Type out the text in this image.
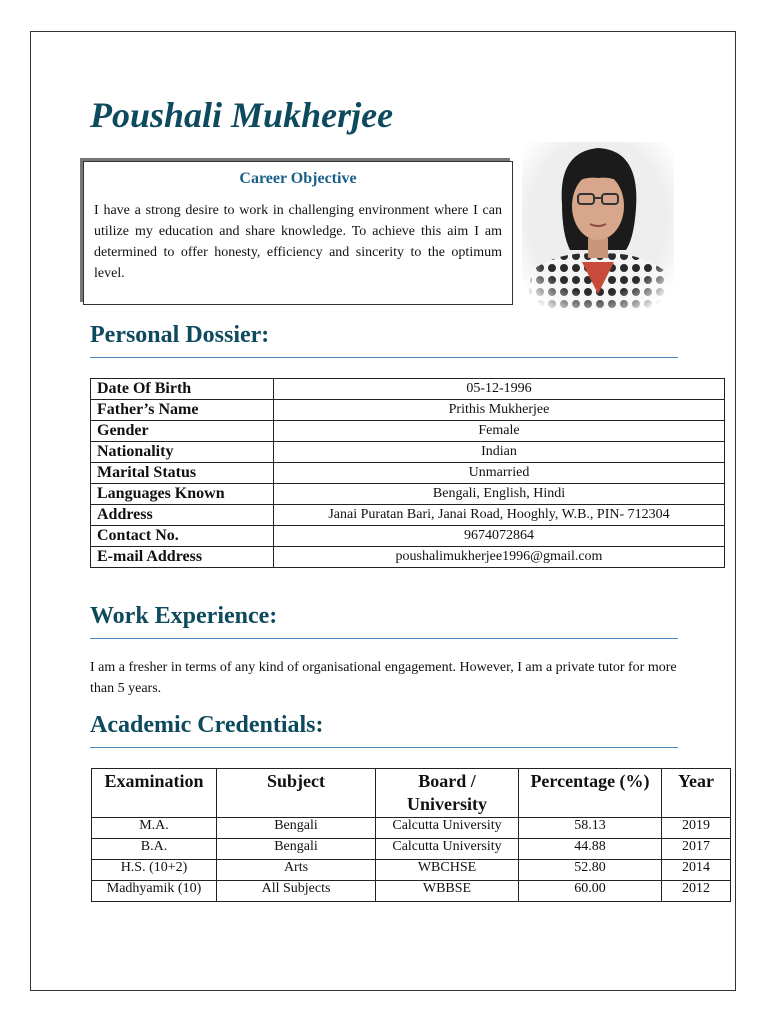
Poushali Mukherjee

Career Objective

I have a strong desire to work in challenging environment where I can utilize my education and share knowledge. To achieve this aim I am determined to offer honesty, efficiency and sincerity to the optimum level.

Personal Dossier:
Date Of Birth	05-12-1996
Father’s Name	Prithis Mukherjee
Gender	Female
Nationality	Indian
Marital Status	Unmarried
Languages Known	Bengali, English, Hindi
Address	Janai Puratan Bari, Janai Road, Hooghly, W.B., PIN- 712304
Contact No.	9674072864
E-mail Address	poushalimukherjee1996@gmail.com
Work Experience:

I am a fresher in terms of any kind of organisational engagement. However, I am a private tutor for more than 5 years.

Academic Credentials:
Examination	Subject	Board / University	Percentage (%)	Year
M.A.	Bengali	Calcutta University	58.13	2019
B.A.	Bengali	Calcutta University	44.88	2017
H.S. (10+2)	Arts	WBCHSE	52.80	2014
Madhyamik (10)	All Subjects	WBBSE	60.00	2012
